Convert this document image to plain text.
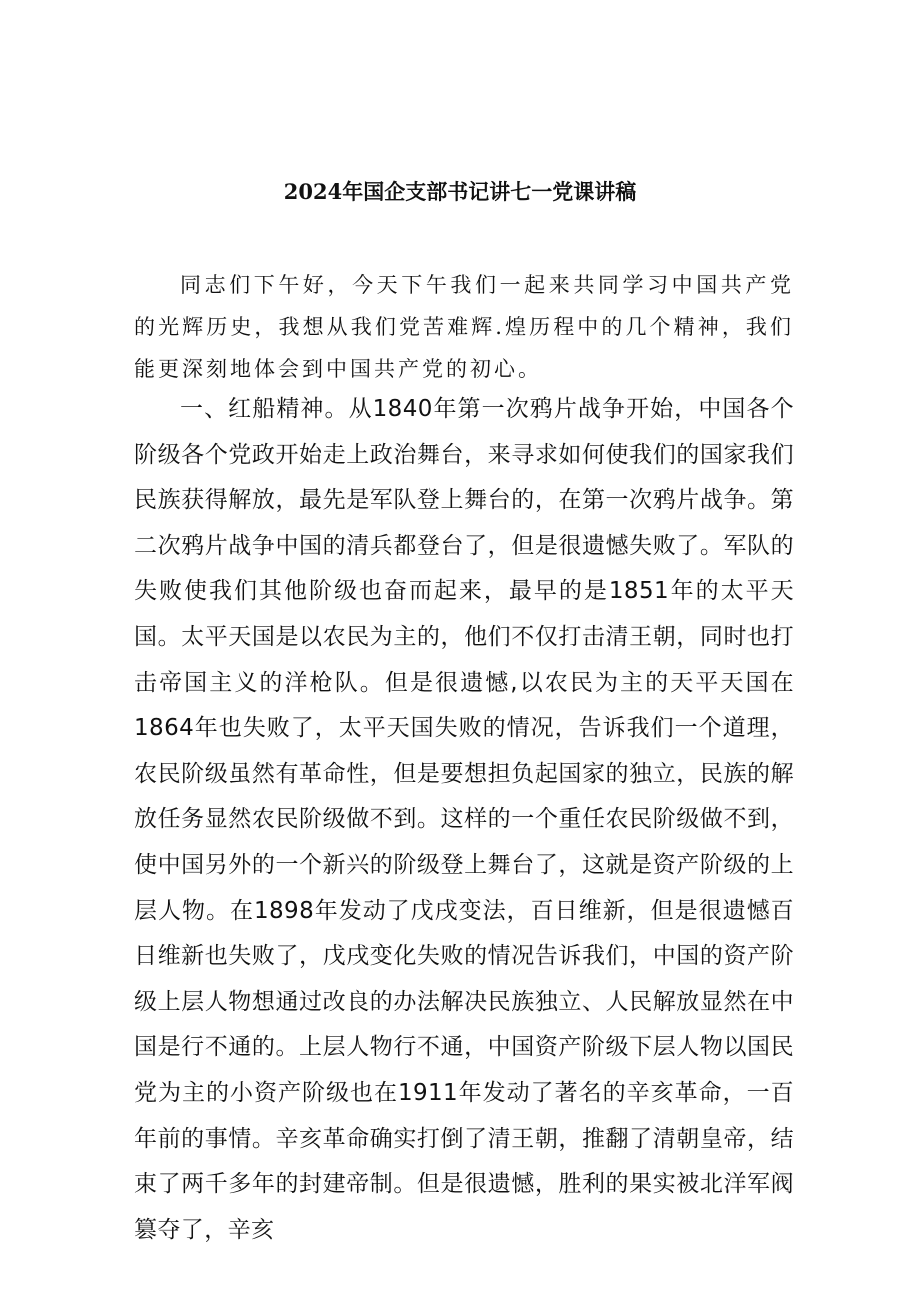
2024年国企支部书记讲七一党课讲稿

同志们下午好，今天下午我们一起来共同学习中国共产党的光辉历史，我想从我们党苦难辉.煌历程中的几个精神，我们能更深刻地体会到中国共产党的初心。

一、红船精神。从1840年第一次鸦片战争开始，中国各个阶级各个党政开始走上政治舞台，来寻求如何使我们的国家我们民族获得解放，最先是军队登上舞台的，在第一次鸦片战争。第二次鸦片战争中国的清兵都登台了，但是很遗憾失败了。军队的失败使我们其他阶级也奋而起来，最早的是1851年的太平天国。太平天国是以农民为主的，他们不仅打击清王朝，同时也打击帝国主义的洋枪队。但是很遗憾,以农民为主的天平天国在1864年也失败了，太平天国失败的情况，告诉我们一个道理，农民阶级虽然有革命性，但是要想担负起国家的独立，民族的解放任务显然农民阶级做不到。这样的一个重任农民阶级做不到，使中国另外的一个新兴的阶级登上舞台了，这就是资产阶级的上层人物。在1898年发动了戊戌变法，百日维新，但是很遗憾百日维新也失败了，戊戌变化失败的情况告诉我们，中国的资产阶级上层人物想通过改良的办法解决民族独立、人民解放显然在中国是行不通的。上层人物行不通，中国资产阶级下层人物以国民党为主的小资产阶级也在1911年发动了著名的辛亥革命，一百年前的事情。辛亥革命确实打倒了清王朝，推翻了清朝皇帝，结束了两千多年的封建帝制。但是很遗憾，胜利的果实被北洋军阀篡夺了，辛亥
